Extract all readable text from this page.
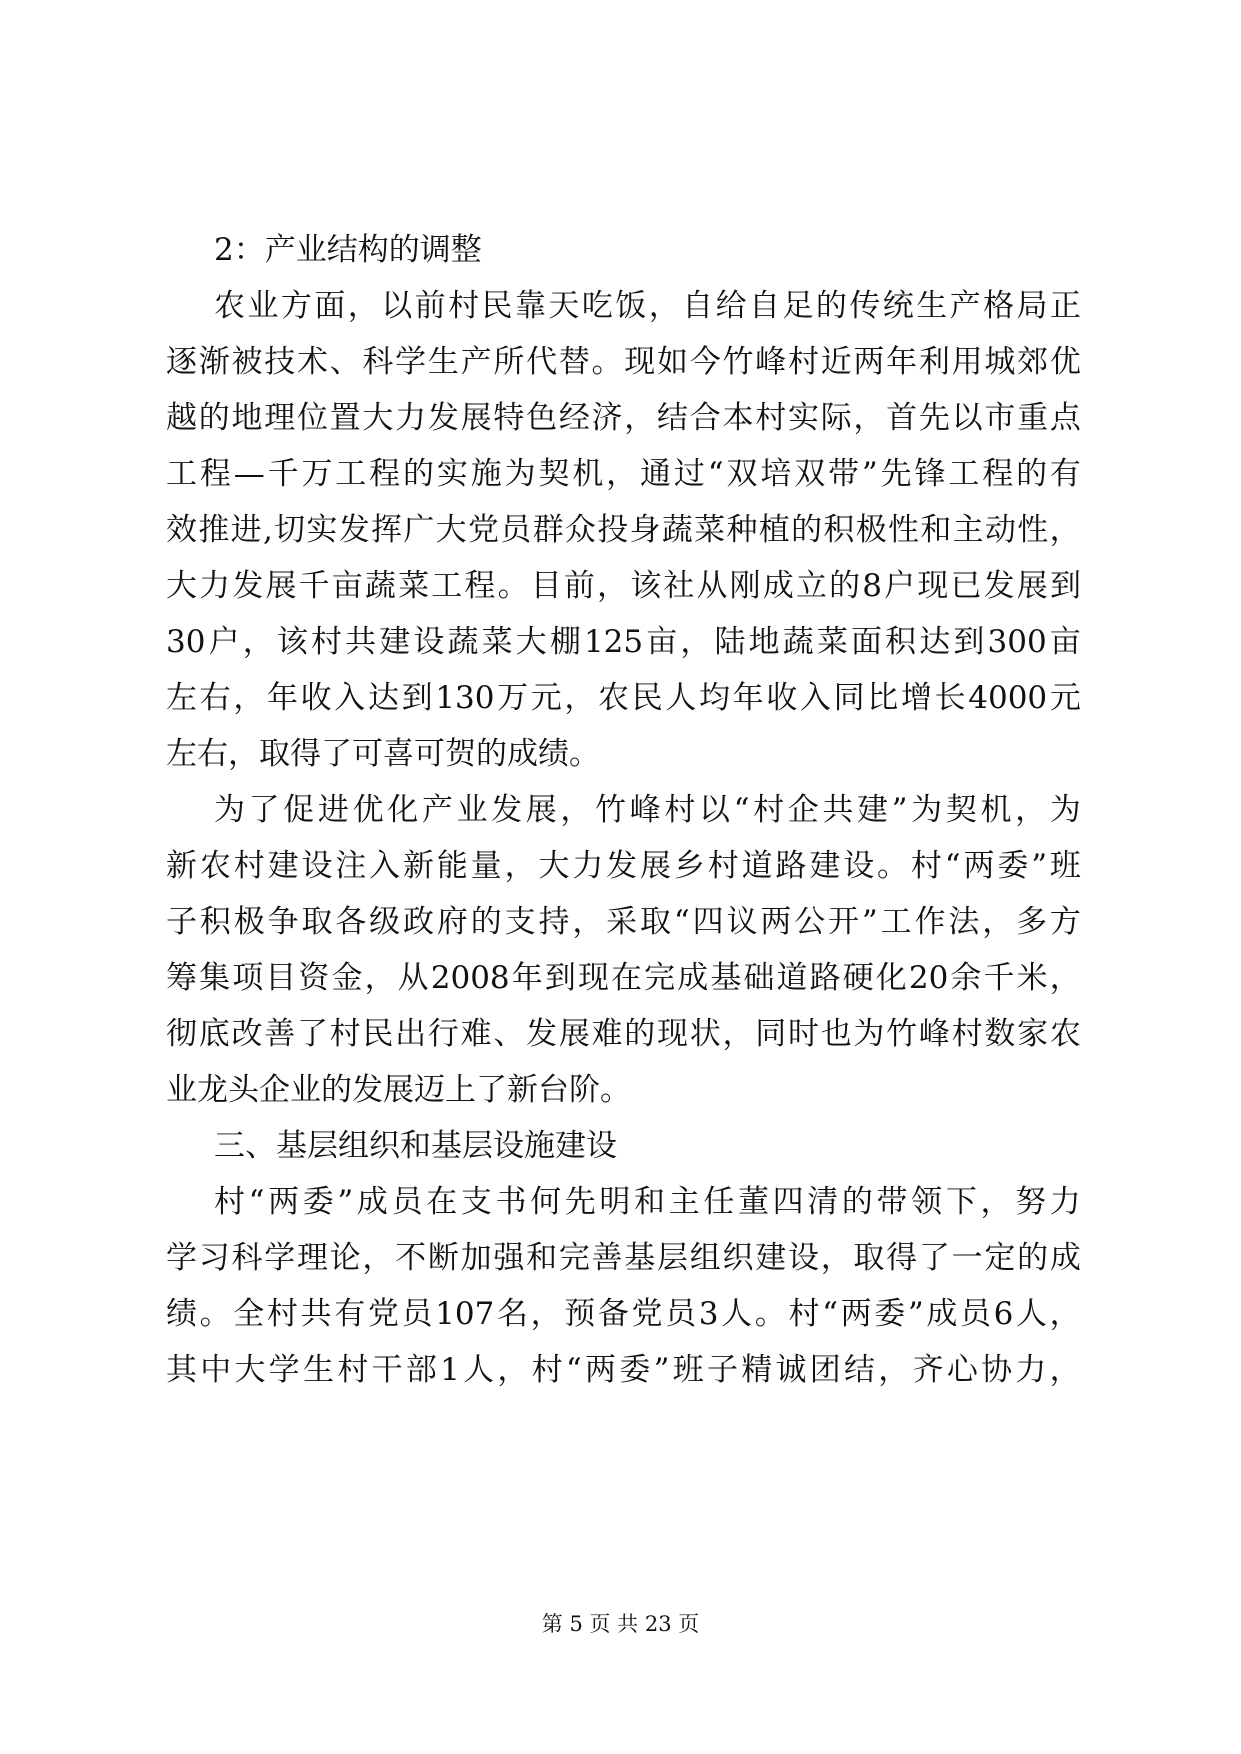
2：产业结构的调整
农 业 方 面 ， 以 前 村 民 靠 天 吃 饭 ， 自 给 自 足 的 传 统 生 产 格 局 正
逐 渐 被 技 术 、 科 学 生 产 所 代 替 。 现 如 今 竹 峰 村 近 两 年 利 用 城 郊 优
越 的 地 理 位 置 大 力 发 展 特 色 经 济 ， 结 合 本 村 实 际 ， 首 先 以 市 重 点
工 程 — 千 万 工 程 的 实 施 为 契 机 ， 通 过 “ 双 培 双 带 ” 先 锋 工 程 的 有
效 推 进 , 切 实 发 挥 广 大 党 员 群 众 投 身 蔬 菜 种 植 的 积 极 性 和 主 动 性 ，
大 力 发 展 千 亩 蔬 菜 工 程 。 目 前 ， 该 社 从 刚 成 立 的 8 户 现 已 发 展 到
30 户 ， 该 村 共 建 设 蔬 菜 大 棚 125 亩 ， 陆 地 蔬 菜 面 积 达 到 300 亩
左 右 ， 年 收 入 达 到 130 万 元 ， 农 民 人 均 年 收 入 同 比 增 长 4000 元
左右，取得了可喜可贺的成绩。
为 了 促 进 优 化 产 业 发 展 ， 竹 峰 村 以 “ 村 企 共 建 ” 为 契 机 ， 为
新 农 村 建 设 注 入 新 能 量 ， 大 力 发 展 乡 村 道 路 建 设 。 村 “ 两 委 ” 班
子 积 极 争 取 各 级 政 府 的 支 持 ， 采 取 “ 四 议 两 公 开 ” 工 作 法 ， 多 方
筹 集 项 目 资 金 ， 从 2008 年 到 现 在 完 成 基 础 道 路 硬 化 20 余 千 米 ，
彻 底 改 善 了 村 民 出 行 难 、 发 展 难 的 现 状 ， 同 时 也 为 竹 峰 村 数 家 农
业龙头企业的发展迈上了新台阶。
三、基层组织和基层设施建设
村 “ 两 委 ” 成 员 在 支 书 何 先 明 和 主 任 董 四 清 的 带 领 下 ， 努 力
学 习 科 学 理 论 ， 不 断 加 强 和 完 善 基 层 组 织 建 设 ， 取 得 了 一 定 的 成
绩 。 全 村 共 有 党 员 107 名 ， 预 备 党 员 3 人 。 村 “ 两 委 ” 成 员 6 人 ，
其 中 大 学 生 村 干 部 1 人 ， 村 “ 两 委 ” 班 子 精 诚 团 结 ， 齐 心 协 力 ，
第 5 页 共 23 页
